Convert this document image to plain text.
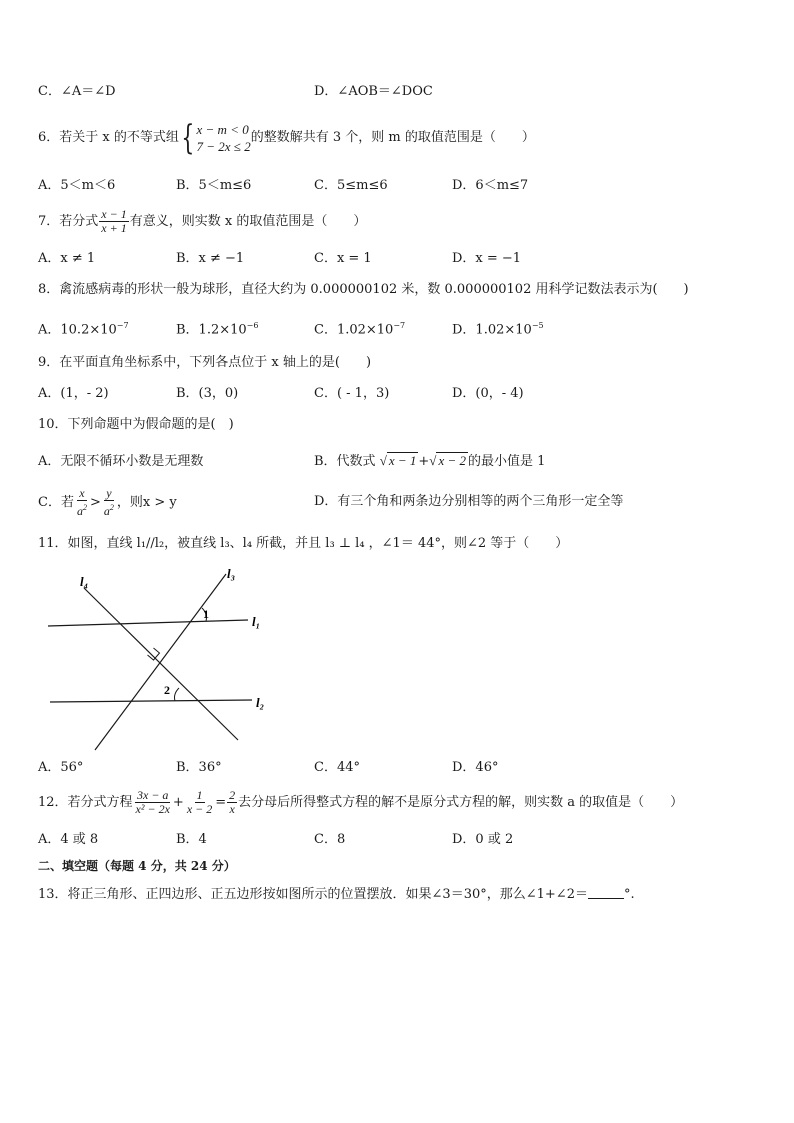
C．∠A＝∠D	D．∠AOB＝∠DOC
6．若关于 x 的不等式组{ x − m < 0
7 − 2x ≤ 2
的整数解共有 3 个，则 m 的取值范围是（　　）
A．5＜m＜6	B．5＜m≤6	C．5≤m≤6	D．6＜m≤7
7．若分式 $\frac{x - 1}{x + 1}$ 有意义，则实数 x 的取值范围是（　　）
A．x ≠ 1	B．x ≠ −1	C．x = 1	D．x = −1
8．禽流感病毒的形状一般为球形，直径大约为 0.000000102 米，数 0.000000102 用科学记数法表示为(　　)
A．$10.2\times 10^{-7}$	B．$1.2\times 10^{-6}$	C．$1.02\times 10^{-7}$	D．$1.02\times 10^{-5}$
9．在平面直角坐标系中，下列各点位于 x 轴上的是(　　)
A．(1，- 2)	B．(3，0)	C．( - 1，3)	D．(0，- 4)
10．下列命题中为假命题的是(　)
A．无限不循环小数是无理数	B．代数式 √ x − 1 +√ x − 2 的最小值是 1
C．若 $\frac{x}{a^2} > \frac{y}{a^2}$ ，则x > y	D．有三个角和两条边分别相等的两个三角形一定全等
11．如图，直线 l₁//l₂，被直线 l₃、l₄ 所截，并且 l₃ ⊥ l₄ ，∠1＝ 44°，则∠2 等于（　　）
l₄
l₃
l₁
l₂
1
2
A．56°	B．36°	C．44°	D．46°
12．若分式方程 $\frac{3x - a}{\text{x² − 2x}} + \frac{1}{x - 2} = \frac{2}{x}$ 去分母后所得整式方程的解不是原分式方程的解，则实数 a 的取值是（　　）
A．4 或 8	B．4	C．8	D．0 或 2
二、填空题（每题 4 分，共 24 分）
13．将正三角形、正四边形、正五边形按如图所示的位置摆放．如果∠3＝30°，那么∠1+∠2＝	°.
